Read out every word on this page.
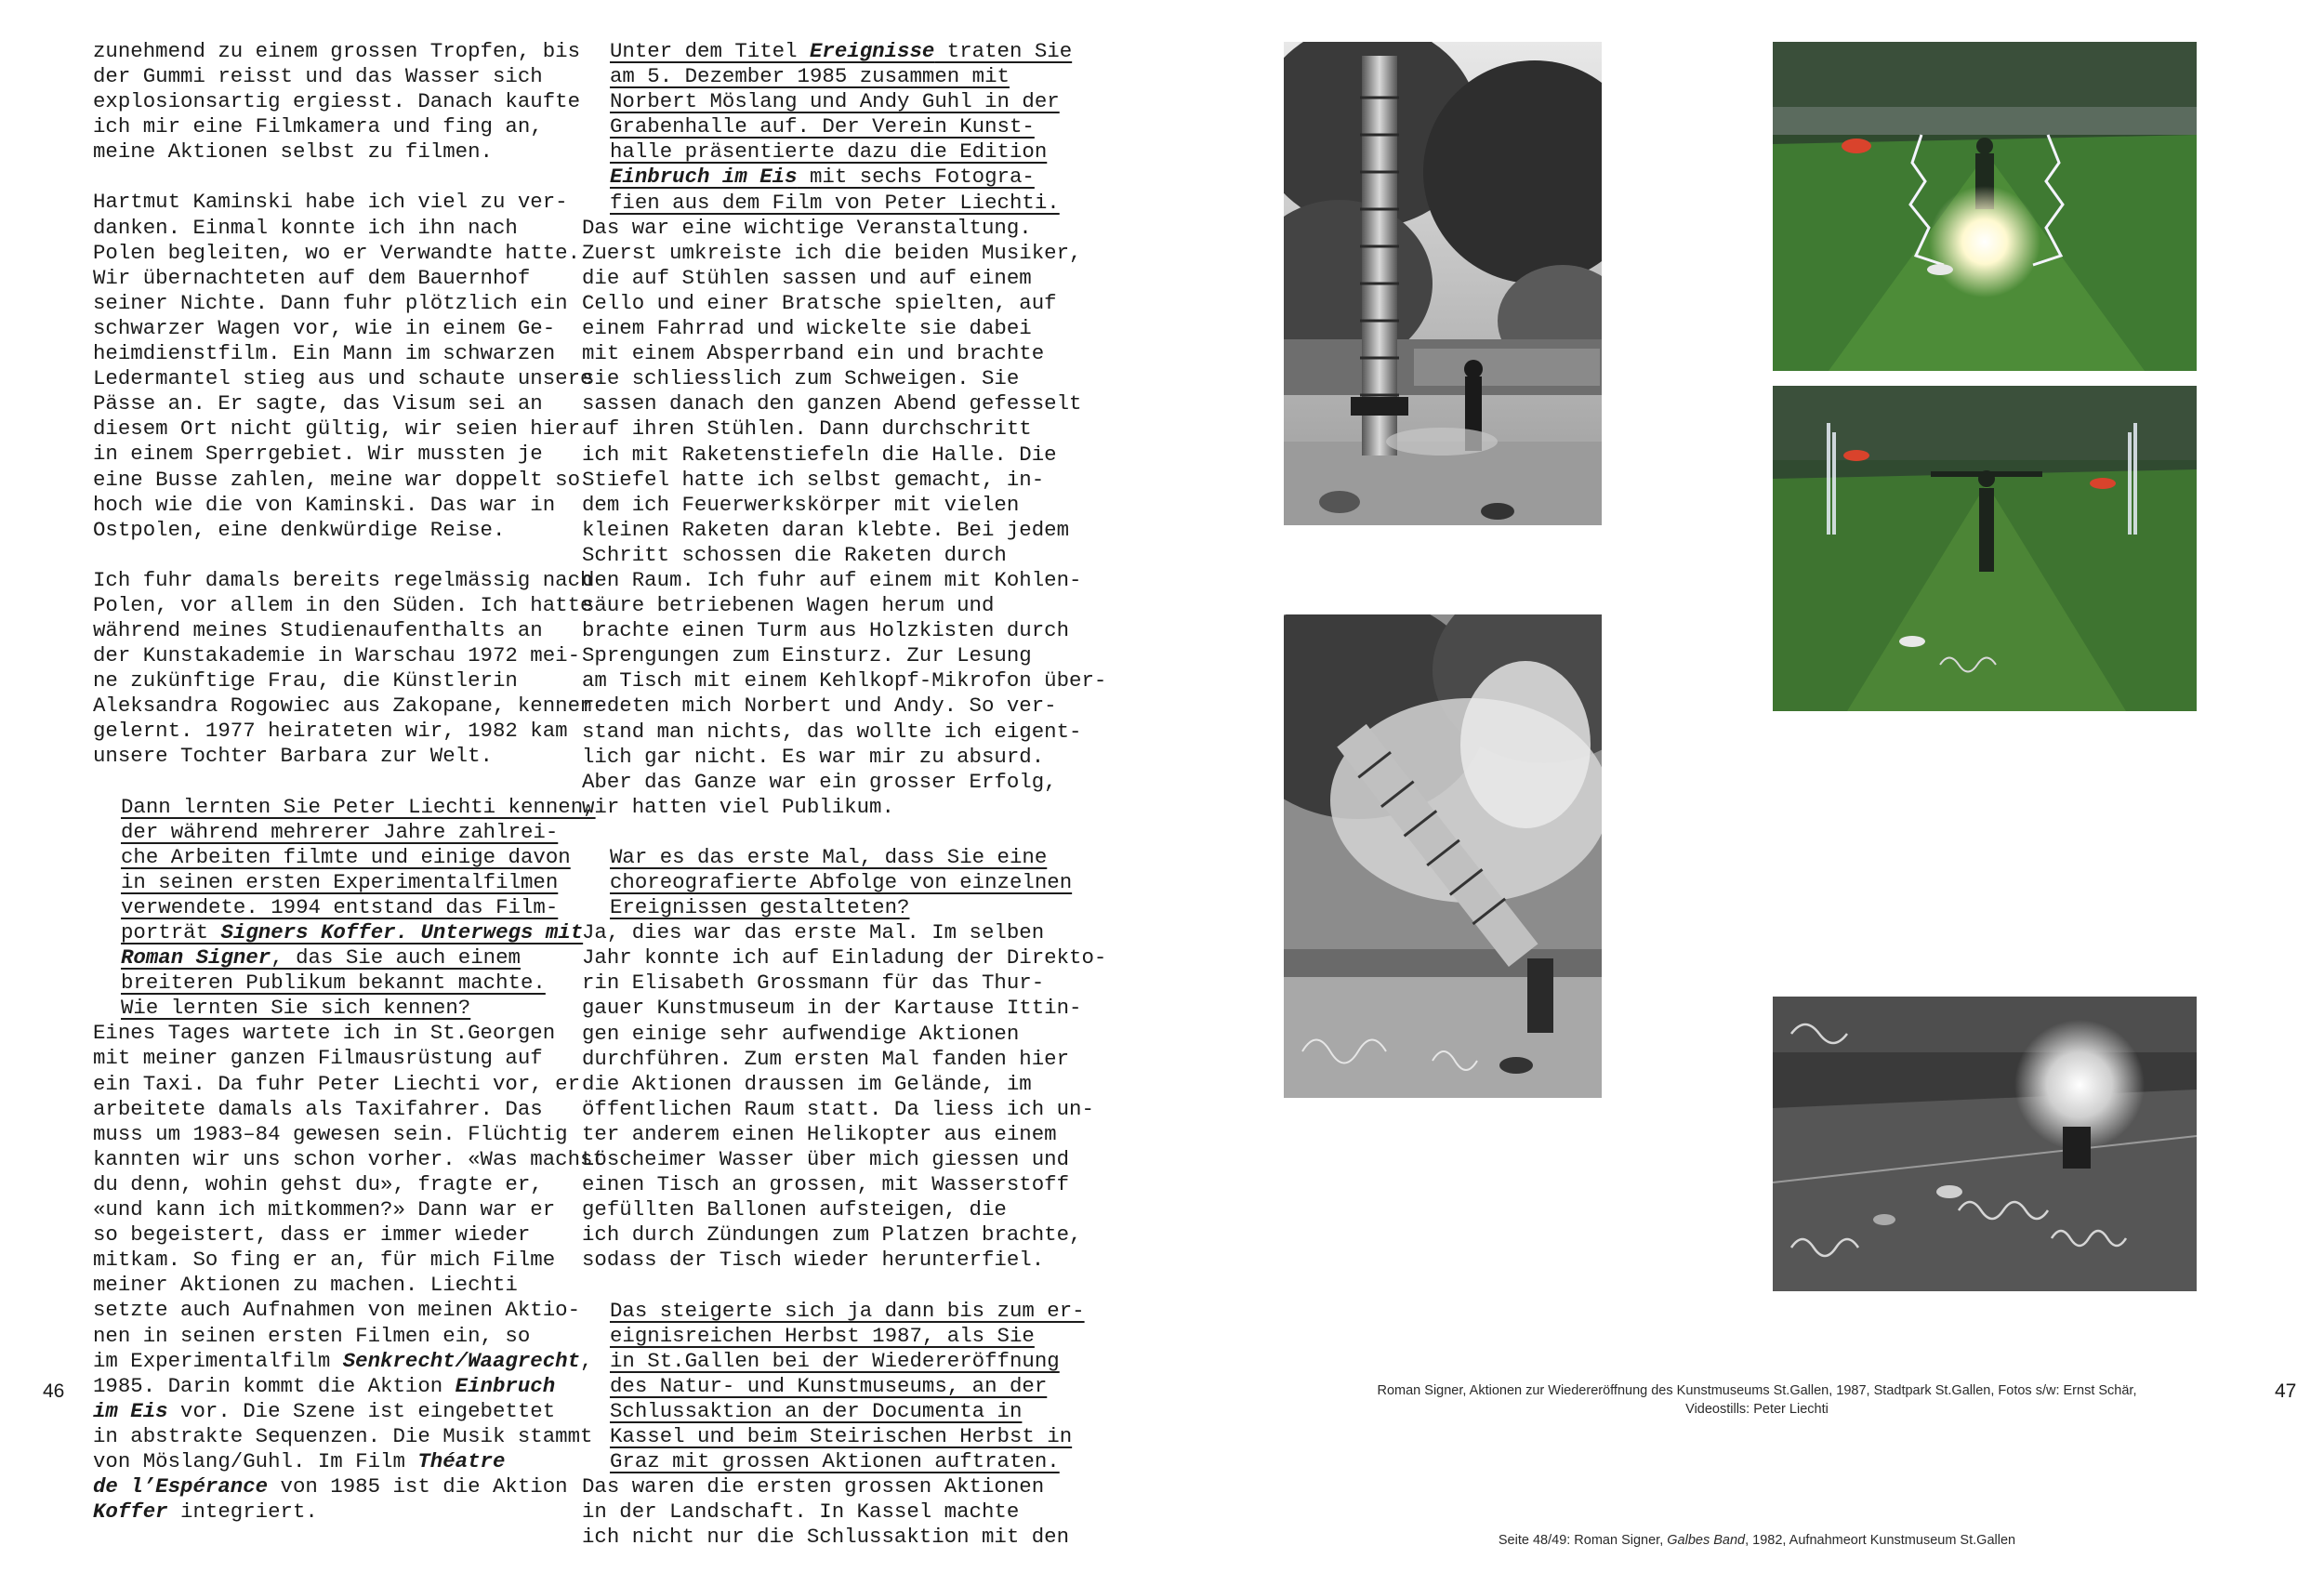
zunehmend zu einem grossen Tropfen, bis
der Gummi reisst und das Wasser sich
explosionsartig ergiesst. Danach kaufte
ich mir eine Filmkamera und fing an,
meine Aktionen selbst zu filmen.

Hartmut Kaminski habe ich viel zu ver-
danken. Einmal konnte ich ihn nach
Polen begleiten, wo er Verwandte hatte.
Wir übernachteten auf dem Bauernhof
seiner Nichte. Dann fuhr plötzlich ein
schwarzer Wagen vor, wie in einem Ge-
heimdienstfilm. Ein Mann im schwarzen
Ledermantel stieg aus und schaute unsere
Pässe an. Er sagte, das Visum sei an
diesem Ort nicht gültig, wir seien hier
in einem Sperrgebiet. Wir mussten je
eine Busse zahlen, meine war doppelt so
hoch wie die von Kaminski. Das war in
Ostpolen, eine denkwürdige Reise.

Ich fuhr damals bereits regelmässig nach
Polen, vor allem in den Süden. Ich hatte
während meines Studienaufenthalts an
der Kunstakademie in Warschau 1972 mei-
ne zukünftige Frau, die Künstlerin
Aleksandra Rogowiec aus Zakopane, kennen-
gelernt. 1977 heirateten wir, 1982 kam
unsere Tochter Barbara zur Welt.

Dann lernten Sie Peter Liechti kennen,
der während mehrerer Jahre zahlrei-
che Arbeiten filmte und einige davon
in seinen ersten Experimentalfilmen
verwendete. 1994 entstand das Film-
porträt Signers Koffer. Unterwegs mit
Roman Signer, das Sie auch einem
breiteren Publikum bekannt machte.
Wie lernten Sie sich kennen?

Eines Tages wartete ich in St.Georgen
mit meiner ganzen Filmausrüstung auf
ein Taxi. Da fuhr Peter Liechti vor, er
arbeitete damals als Taxifahrer. Das
muss um 1983–84 gewesen sein. Flüchtig
kannten wir uns schon vorher. «Was machst
du denn, wohin gehst du», fragte er,
«und kann ich mitkommen?» Dann war er
so begeistert, dass er immer wieder
mitkam. So fing er an, für mich Filme
meiner Aktionen zu machen. Liechti
setzte auch Aufnahmen von meinen Aktio-
nen in seinen ersten Filmen ein, so
im Experimentalfilm Senkrecht/Waagrecht,
1985. Darin kommt die Aktion Einbruch
im Eis vor. Die Szene ist eingebettet
in abstrakte Sequenzen. Die Musik stammt
von Möslang/Guhl. Im Film Théatre
de l’Espérance von 1985 ist die Aktion
Koffer integriert.

Unter dem Titel Ereignisse traten Sie
am 5. Dezember 1985 zusammen mit
Norbert Möslang und Andy Guhl in der
Grabenhalle auf. Der Verein Kunst-
halle präsentierte dazu die Edition
Einbruch im Eis mit sechs Fotogra-
fien aus dem Film von Peter Liechti.

Das war eine wichtige Veranstaltung.
Zuerst umkreiste ich die beiden Musiker,
die auf Stühlen sassen und auf einem
Cello und einer Bratsche spielten, auf
einem Fahrrad und wickelte sie dabei
mit einem Absperrband ein und brachte
sie schliesslich zum Schweigen. Sie
sassen danach den ganzen Abend gefesselt
auf ihren Stühlen. Dann durchschritt
ich mit Raketenstiefeln die Halle. Die
Stiefel hatte ich selbst gemacht, in-
dem ich Feuerwerkskörper mit vielen
kleinen Raketen daran klebte. Bei jedem
Schritt schossen die Raketen durch
den Raum. Ich fuhr auf einem mit Kohlen-
säure betriebenen Wagen herum und
brachte einen Turm aus Holzkisten durch
Sprengungen zum Einsturz. Zur Lesung
am Tisch mit einem Kehlkopf-Mikrofon über-
redeten mich Norbert und Andy. So ver-
stand man nichts, das wollte ich eigent-
lich gar nicht. Es war mir zu absurd.
Aber das Ganze war ein grosser Erfolg,
wir hatten viel Publikum.

War es das erste Mal, dass Sie eine
choreografierte Abfolge von einzelnen
Ereignissen gestalteten?

Ja, dies war das erste Mal. Im selben
Jahr konnte ich auf Einladung der Direkto-
rin Elisabeth Grossmann für das Thur-
gauer Kunstmuseum in der Kartause Ittin-
gen einige sehr aufwendige Aktionen
durchführen. Zum ersten Mal fanden hier
die Aktionen draussen im Gelände, im
öffentlichen Raum statt. Da liess ich un-
ter anderem einen Helikopter aus einem
Löscheimer Wasser über mich giessen und
einen Tisch an grossen, mit Wasserstoff
gefüllten Ballonen aufsteigen, die
ich durch Zündungen zum Platzen brachte,
sodass der Tisch wieder herunterfiel.

Das steigerte sich ja dann bis zum er-
eignisreichen Herbst 1987, als Sie
in St.Gallen bei der Wiedereröffnung
des Natur- und Kunstmuseums, an der
Schlussaktion an der Documenta in
Kassel und beim Steirischen Herbst in
Graz mit grossen Aktionen auftraten.

Das waren die ersten grossen Aktionen
in der Landschaft. In Kassel machte
ich nicht nur die Schlussaktion mit den

46	47
Roman Signer, Aktionen zur Wiedereröffnung des Kunstmuseums St.Gallen, 1987, Stadtpark St.Gallen, Fotos s/w: Ernst Schär,
Videostills: Peter Liechti
Seite 48/49: Roman Signer, Galbes Band, 1982, Aufnahmeort Kunstmuseum St.Gallen
